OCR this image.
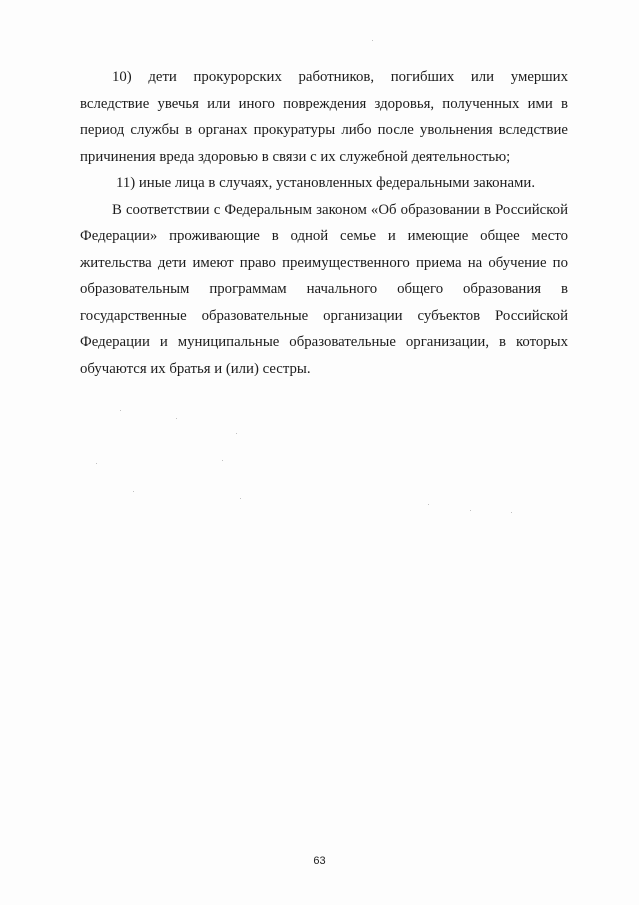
10) дети прокурорских работников, погибших или умерших
вследствие увечья или иного повреждения здоровья, полученных ими в
период службы в органах прокуратуры либо после увольнения вследствие
причинения вреда здоровью в связи с их служебной деятельностью;
11) иные лица в случаях, установленных федеральными законами.
В соответствии с Федеральным законом «Об образовании в Российской
Федерации» проживающие в одной семье и имеющие общее место
жительства дети имеют право преимущественного приема на обучение по
образовательным программам начального общего образования в
государственные образовательные организации субъектов Российской
Федерации и муниципальные образовательные организации, в которых
обучаются их братья и (или) сестры.
63
